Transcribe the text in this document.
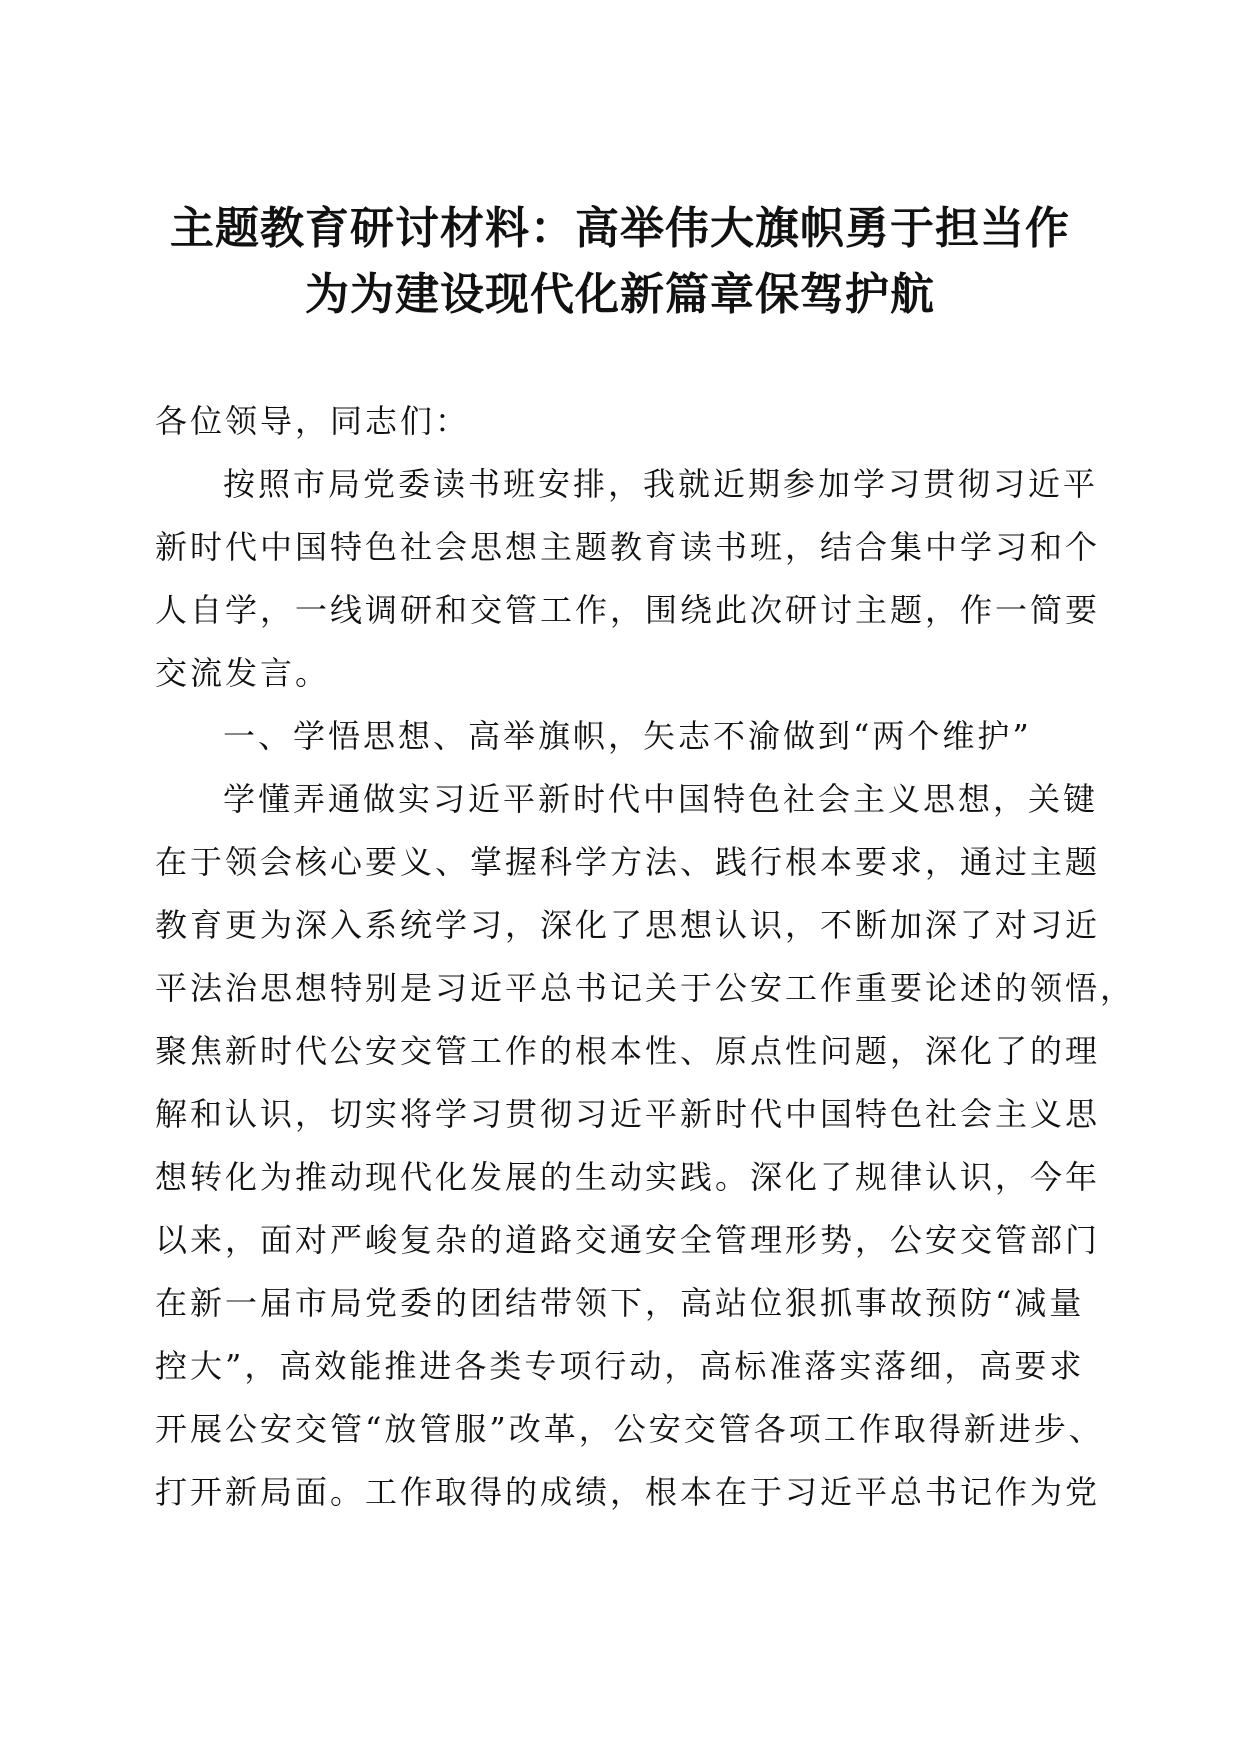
主题教育研讨材料：高举伟大旗帜勇于担当作
为为建设现代化新篇章保驾护航
各位领导，同志们：
按照市局党委读书班安排，我就近期参加学习贯彻习近平
新时代中国特色社会思想主题教育读书班，结合集中学习和个
人自学，一线调研和交管工作，围绕此次研讨主题，作一简要
交流发言。
一、学悟思想、高举旗帜，矢志不渝做到“两个维护”
学懂弄通做实习近平新时代中国特色社会主义思想，关键
在于领会核心要义、掌握科学方法、践行根本要求，通过主题
教育更为深入系统学习，深化了思想认识，不断加深了对习近
平法治思想特别是习近平总书记关于公安工作重要论述的领悟，
聚焦新时代公安交管工作的根本性、原点性问题，深化了的理
解和认识，切实将学习贯彻习近平新时代中国特色社会主义思
想转化为推动现代化发展的生动实践。深化了规律认识，今年
以来，面对严峻复杂的道路交通安全管理形势，公安交管部门
在新一届市局党委的团结带领下，高站位狠抓事故预防“减量
控大”，高效能推进各类专项行动，高标准落实落细，高要求
开展公安交管“放管服”改革，公安交管各项工作取得新进步、
打开新局面。工作取得的成绩，根本在于习近平总书记作为党
